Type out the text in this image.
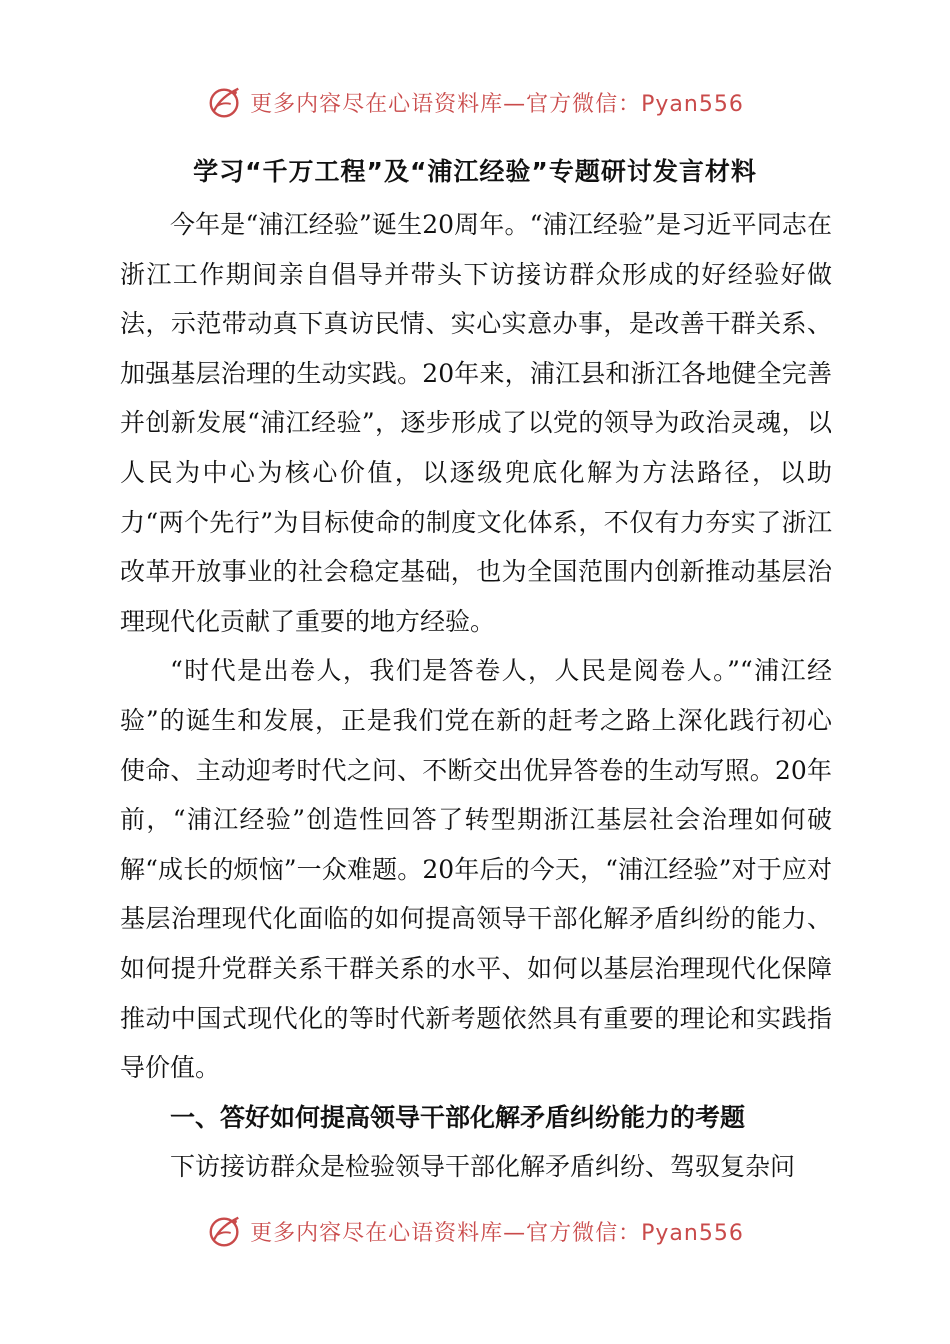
更多内容尽在心语资料库—官方微信：Pyan556
学习“千万工程”及“浦江经验”专题研讨发言材料

今年是“浦江经验”诞生20周年。“浦江经验”是习近平同志在浙江工作期间亲自倡导并带头下访接访群众形成的好经验好做法，示范带动真下真访民情、实心实意办事，是改善干群关系、加强基层治理的生动实践。20年来，浦江县和浙江各地健全完善并创新发展“浦江经验”，逐步形成了以党的领导为政治灵魂，以人民为中心为核心价值，以逐级兜底化解为方法路径，以助力“两个先行”为目标使命的制度文化体系，不仅有力夯实了浙江改革开放事业的社会稳定基础，也为全国范围内创新推动基层治理现代化贡献了重要的地方经验。

“时代是出卷人，我们是答卷人，人民是阅卷人。”“浦江经验”的诞生和发展，正是我们党在新的赶考之路上深化践行初心使命、主动迎考时代之问、不断交出优异答卷的生动写照。20年前，“浦江经验”创造性回答了转型期浙江基层社会治理如何破解“成长的烦恼”一众难题。20年后的今天，“浦江经验”对于应对基层治理现代化面临的如何提高领导干部化解矛盾纠纷的能力、如何提升党群关系干群关系的水平、如何以基层治理现代化保障推动中国式现代化的等时代新考题依然具有重要的理论和实践指导价值。

一、答好如何提高领导干部化解矛盾纠纷能力的考题

下访接访群众是检验领导干部化解矛盾纠纷、驾驭复杂问

更多内容尽在心语资料库—官方微信：Pyan556
